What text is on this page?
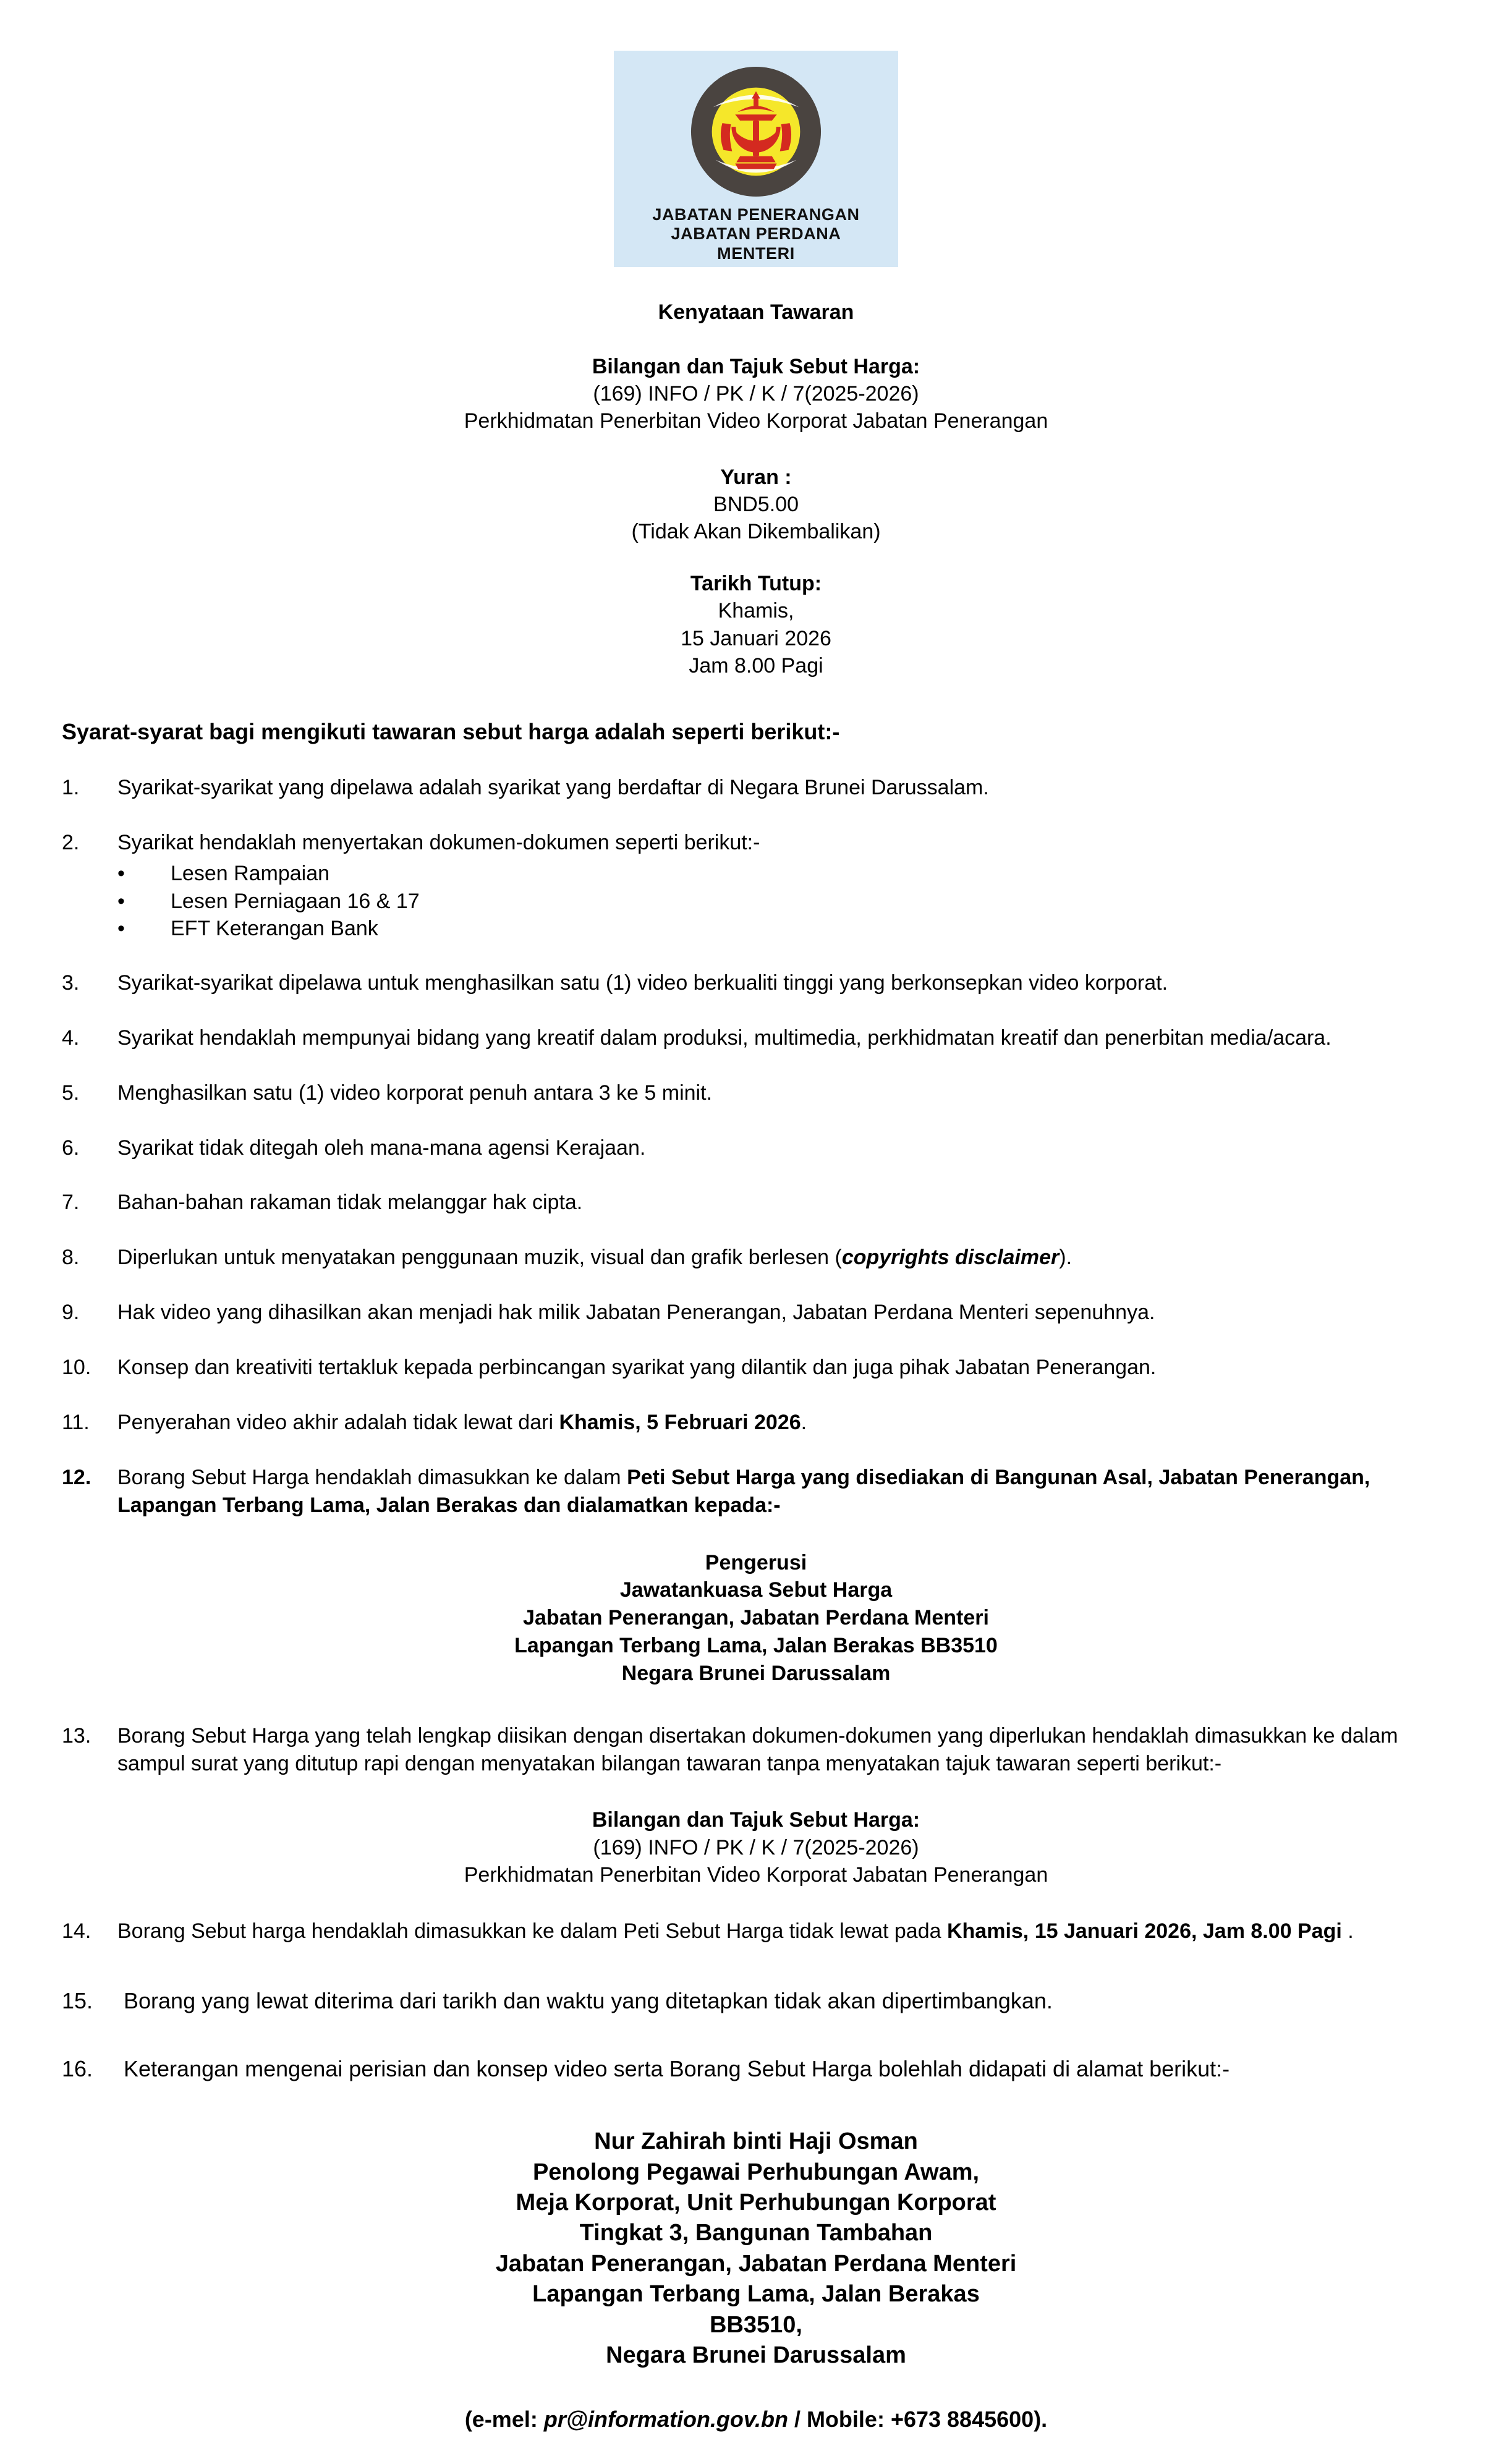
JABATAN PENERANGAN
JABATAN PERDANA
MENTERI
Kenyataan Tawaran
Bilangan dan Tajuk Sebut Harga:
(169) INFO / PK / K / 7(2025-2026)
Perkhidmatan Penerbitan Video Korporat Jabatan Penerangan
Yuran :
BND5.00
(Tidak Akan Dikembalikan)
Tarikh Tutup:
Khamis,
15 Januari 2026
Jam 8.00 Pagi
Syarat-syarat bagi mengikuti tawaran sebut harga adalah seperti berikut:-
1.	Syarikat-syarikat yang dipelawa adalah syarikat yang berdaftar di Negara Brunei Darussalam.
2.	Syarikat hendaklah menyertakan dokumen-dokumen seperti berikut:-
• Lesen Rampaian
• Lesen Perniagaan 16 & 17
• EFT Keterangan Bank
3.	Syarikat-syarikat dipelawa untuk menghasilkan satu (1) video berkualiti tinggi yang berkonsepkan video korporat.
4.	Syarikat hendaklah mempunyai bidang yang kreatif dalam produksi, multimedia, perkhidmatan kreatif dan penerbitan media/acara.
5.	Menghasilkan satu (1) video korporat penuh antara 3 ke 5 minit.
6.	Syarikat tidak ditegah oleh mana-mana agensi Kerajaan.
7.	Bahan-bahan rakaman tidak melanggar hak cipta.
8.	Diperlukan untuk menyatakan penggunaan muzik, visual dan grafik berlesen (copyrights disclaimer).
9.	Hak video yang dihasilkan akan menjadi hak milik Jabatan Penerangan, Jabatan Perdana Menteri sepenuhnya.
10.	Konsep dan kreativiti tertakluk kepada perbincangan syarikat yang dilantik dan juga pihak Jabatan Penerangan.
11.	Penyerahan video akhir adalah tidak lewat dari Khamis, 5 Februari 2026.
12.	Borang Sebut Harga hendaklah dimasukkan ke dalam Peti Sebut Harga yang disediakan di Bangunan Asal, Jabatan Penerangan, Lapangan Terbang Lama, Jalan Berakas dan dialamatkan kepada:-
Pengerusi
Jawatankuasa Sebut Harga
Jabatan Penerangan, Jabatan Perdana Menteri
Lapangan Terbang Lama, Jalan Berakas BB3510
Negara Brunei Darussalam
13.	Borang Sebut Harga yang telah lengkap diisikan dengan disertakan dokumen-dokumen yang diperlukan hendaklah dimasukkan ke dalam sampul surat yang ditutup rapi dengan menyatakan bilangan tawaran tanpa menyatakan tajuk tawaran seperti berikut:-
Bilangan dan Tajuk Sebut Harga:
(169) INFO / PK / K / 7(2025-2026)
Perkhidmatan Penerbitan Video Korporat Jabatan Penerangan
14.	Borang Sebut harga hendaklah dimasukkan ke dalam Peti Sebut Harga tidak lewat pada Khamis, 15 Januari 2026, Jam 8.00 Pagi .
15.	Borang yang lewat diterima dari tarikh dan waktu yang ditetapkan tidak akan dipertimbangkan.
16.	Keterangan mengenai perisian dan konsep video serta Borang Sebut Harga bolehlah didapati di alamat berikut:-
Nur Zahirah binti Haji Osman
Penolong Pegawai Perhubungan Awam,
Meja Korporat, Unit Perhubungan Korporat
Tingkat 3, Bangunan Tambahan
Jabatan Penerangan, Jabatan Perdana Menteri
Lapangan Terbang Lama, Jalan Berakas
BB3510,
Negara Brunei Darussalam
(e-mel: pr@information.gov.bn / Mobile: +673 8845600).
